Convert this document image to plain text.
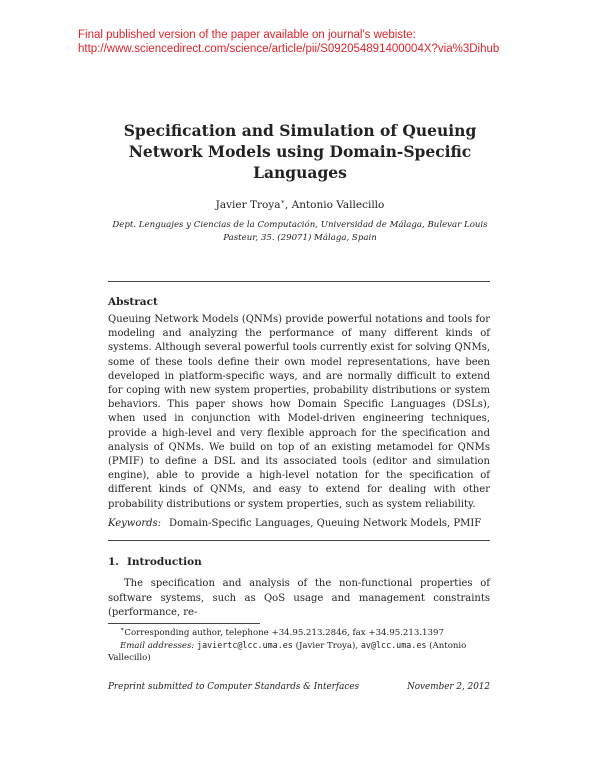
Final published version of the paper available on journal's webiste:
http://www.sciencedirect.com/science/article/pii/S092054891400004X?via%3Dihub
Specification and Simulation of Queuing
Network Models using Domain-Specific
Languages
Javier Troya∗, Antonio Vallecillo
Dept. Lenguajes y Ciencias de la Computación, Universidad de Málaga, Bulevar Louis
Pasteur, 35. (29071) Málaga, Spain
Abstract
Queuing Network Models (QNMs) provide powerful notations and tools for modeling and analyzing the performance of many different kinds of systems. Although several powerful tools currently exist for solving QNMs, some of these tools define their own model representations, have been developed in platform-specific ways, and are normally difficult to extend for coping with new system properties, probability distributions or system behaviors. This paper shows how Domain Specific Languages (DSLs), when used in conjunction with Model-driven engineering techniques, provide a high-level and very flexible approach for the specification and analysis of QNMs. We build on top of an existing metamodel for QNMs (PMIF) to define a DSL and its associated tools (editor and simulation engine), able to provide a high-level notation for the specification of different kinds of QNMs, and easy to extend for dealing with other probability distributions or system properties, such as system reliability.
Keywords: Domain-Specific Languages, Queuing Network Models, PMIF
1. Introduction
The specification and analysis of the non-functional properties of software systems, such as QoS usage and management constraints (performance, re-
∗Corresponding author, telephone +34.95.213.2846, fax +34.95.213.1397
Email addresses: javiertc@lcc.uma.es (Javier Troya), av@lcc.uma.es (Antonio
Vallecillo)
Preprint submitted to Computer Standards & Interfaces	November 2, 2012
